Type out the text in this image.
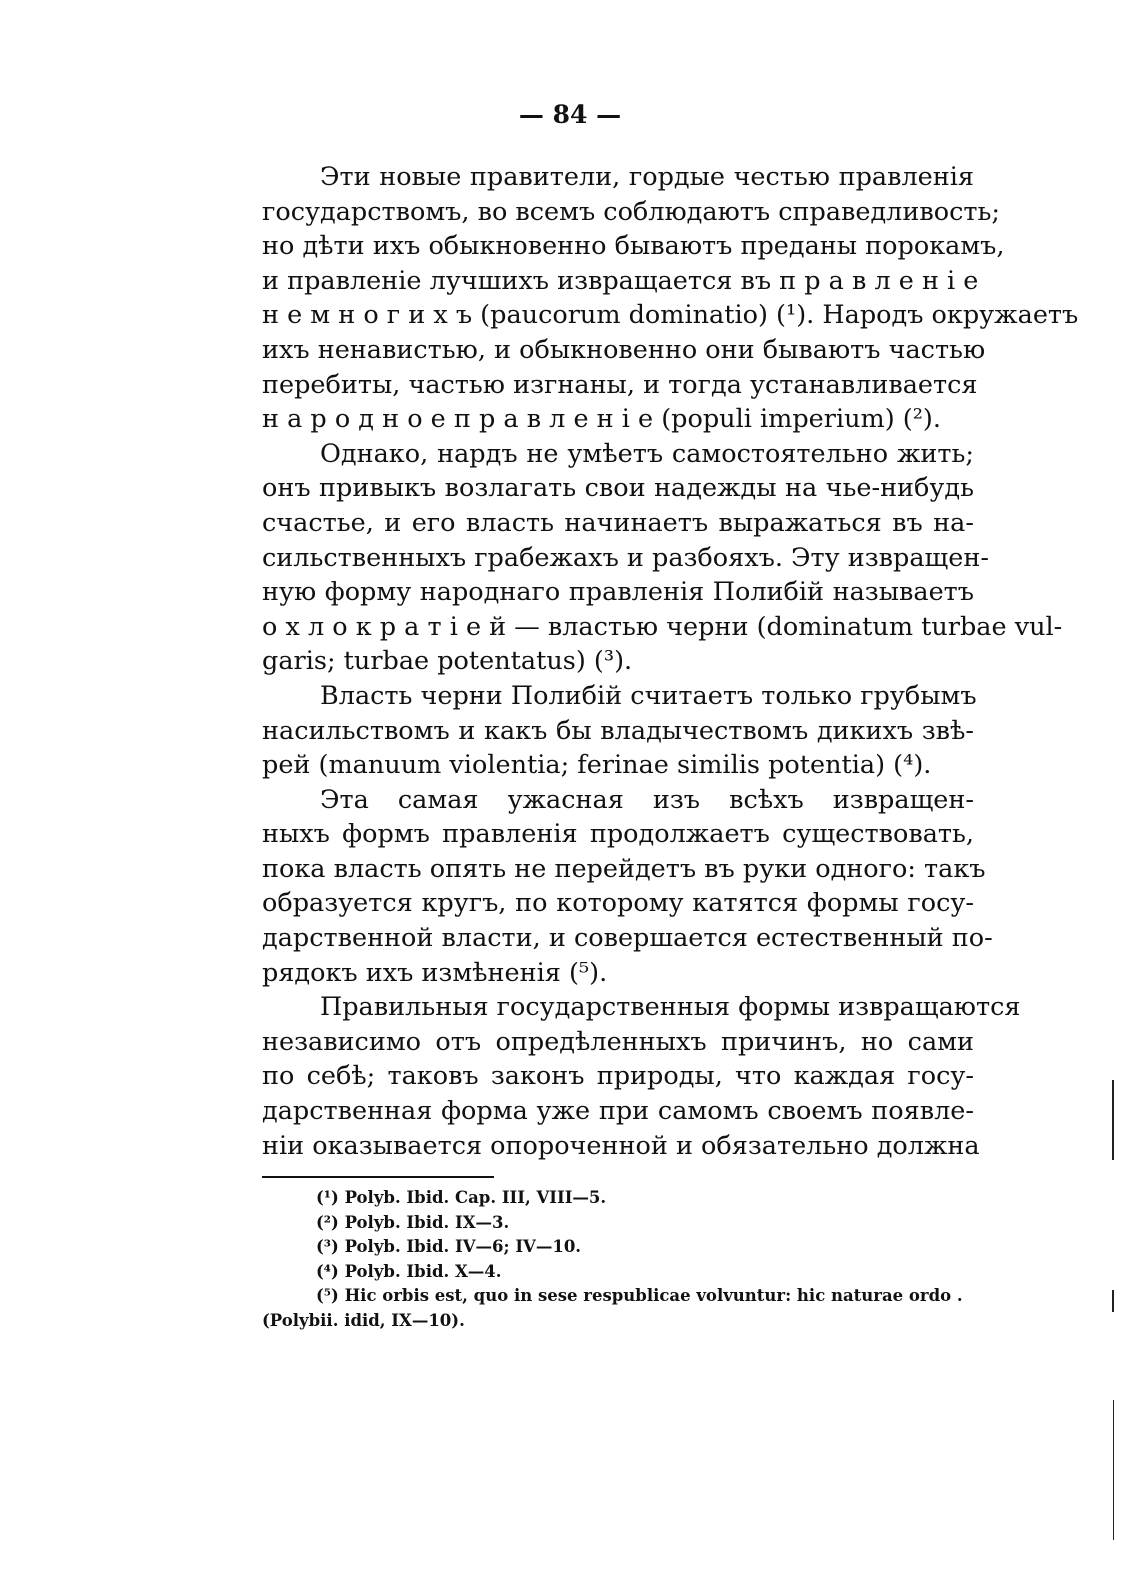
— 84 —
Эти новые правители, гордые честью правленія
государствомъ, во всемъ соблюдаютъ справедливость;
но дѣти ихъ обыкновенно бываютъ преданы порокамъ,
и правленіе лучшихъ извращается въ п р а в л е н і е
н е м н о г и х ъ (paucorum dominatio) (¹). Народъ окружаетъ
ихъ ненавистью, и обыкновенно они бываютъ частью
перебиты, частью изгнаны, и тогда устанавливается
н а р о д н о е п р а в л е н і е (populi imperium) (²).
Однако, нардъ не умѣетъ самостоятельно жить;
онъ привыкъ возлагать свои надежды на чье-нибудь
счастье, и его власть начинаетъ выражаться въ на-
сильственныхъ грабежахъ и разбояхъ. Эту извращен-
ную форму народнаго правленія Полибій называетъ
о х л о к р а т і е й — властью черни (dominatum turbae vul-
garis; turbae potentatus) (³).
Власть черни Полибій считаетъ только грубымъ
насильствомъ и какъ бы владычествомъ дикихъ звѣ-
рей (manuum violentia; ferinae similis potentia) (⁴).
Эта самая ужасная изъ всѣхъ извращен-
ныхъ формъ правленія продолжаетъ существовать,
пока власть опять не перейдетъ въ руки одного: такъ
образуется кругъ, по которому катятся формы госу-
дарственной власти, и совершается естественный по-
рядокъ ихъ измѣненія (⁵).
Правильныя государственныя формы извращаются
независимо отъ опредѣленныхъ причинъ, но сами
по себѣ; таковъ законъ природы, что каждая госу-
дарственная форма уже при самомъ своемъ появле-
ніи оказывается опороченной и обязательно должна
(¹) Polyb. Ibid. Cap. III, VIII—5.
(²) Polyb. Ibid. IX—3.
(³) Polyb. Ibid. IV—6; IV—10.
(⁴) Polyb. Ibid. X—4.
(⁵) Hic orbis est, quo in sese respublicae volvuntur: hic naturae ordo .
(Polybii. idid, IX—10).
